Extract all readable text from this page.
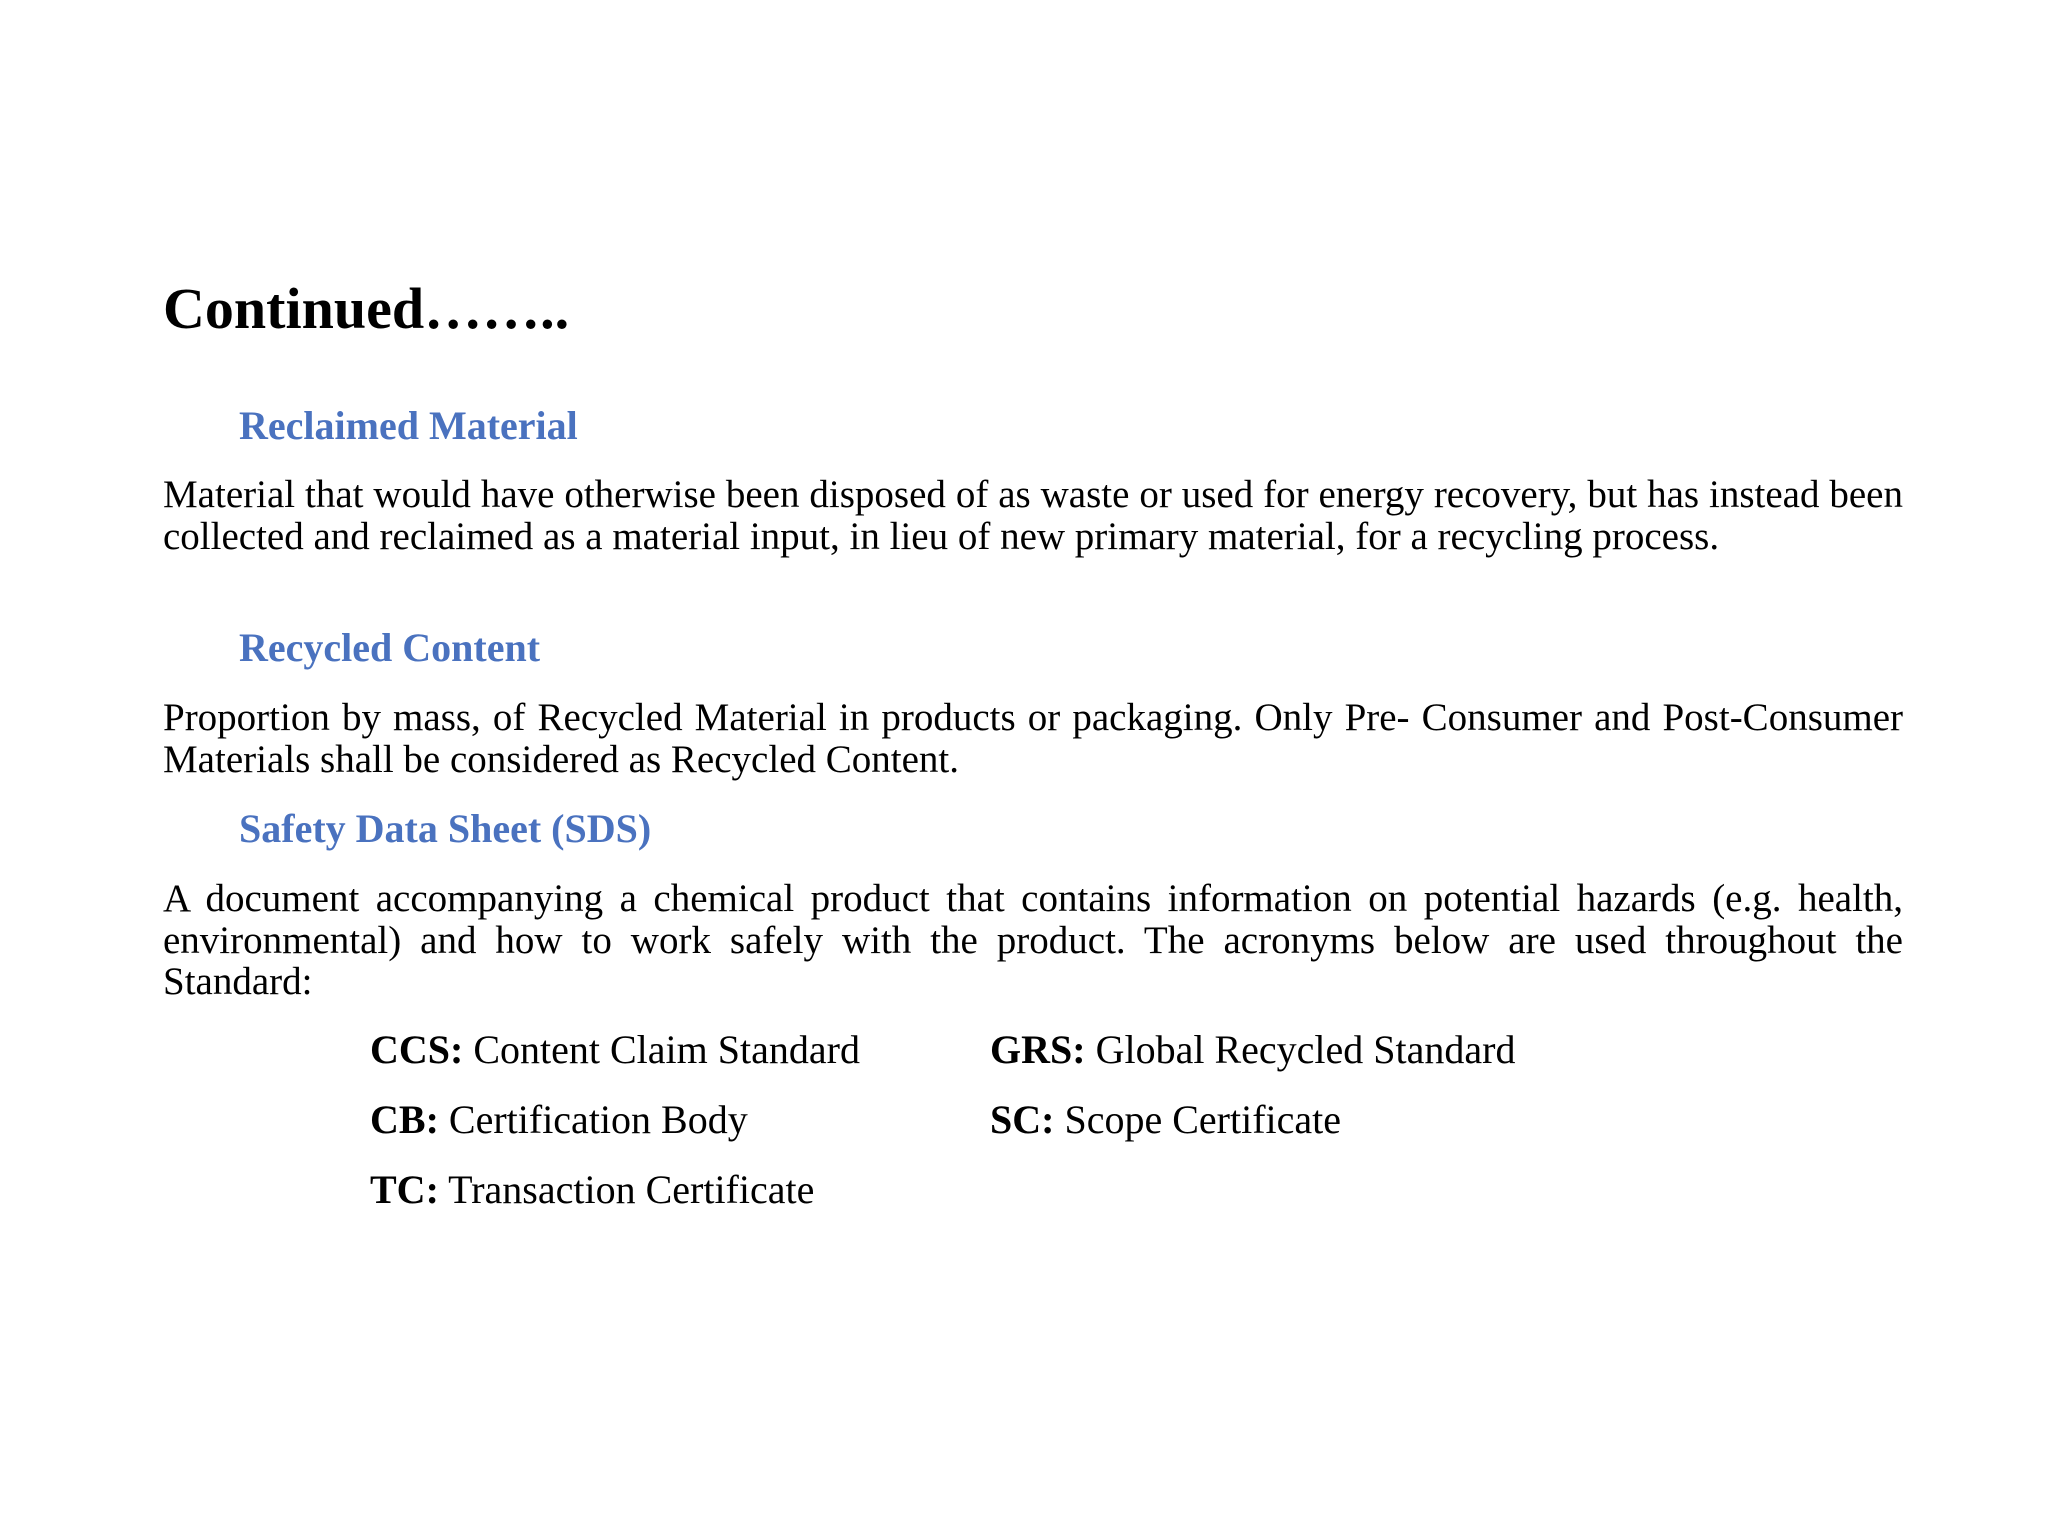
Continued……..
Reclaimed Material

Material that would have otherwise been disposed of as waste or used for energy recovery, but has instead been collected and reclaimed as a material input, in lieu of new primary material, for a recycling process.

Recycled Content

Proportion by mass, of Recycled Material in products or packaging. Only Pre- Consumer and Post-Consumer Materials shall be considered as Recycled Content.

Safety Data Sheet (SDS)

A document accompanying a chemical product that contains information on potential hazards (e.g. health, environmental) and how to work safely with the product. The acronyms below are used throughout the Standard:

CCS: Content Claim Standard	GRS: Global Recycled Standard
CB: Certification Body	SC: Scope Certificate
TC: Transaction Certificate
